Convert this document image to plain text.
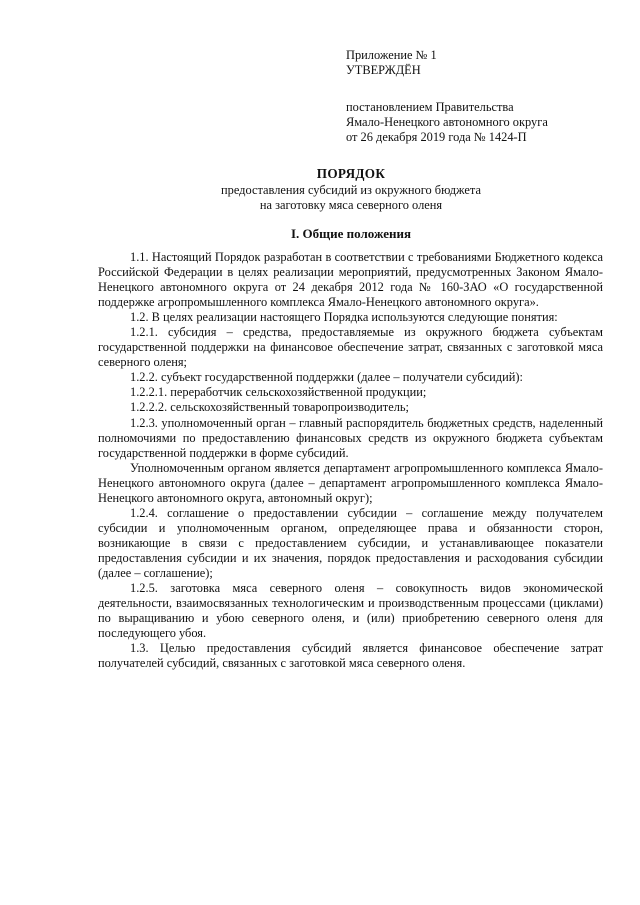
Приложение № 1
УТВЕРЖДЁН
постановлением Правительства
Ямало-Ненецкого автономного округа
от 26 декабря 2019 года № 1424-П
ПОРЯДОК
предоставления субсидий из окружного бюджета
на заготовку мяса северного оленя
I. Общие положения

1.1. Настоящий Порядок разработан в соответствии с требованиями Бюджетного кодекса Российской Федерации в целях реализации мероприятий, предусмотренных Законом Ямало-Ненецкого автономного округа от 24 декабря 2012 года № 160-ЗАО «О государственной поддержке агропромышленного комплекса Ямало-Ненецкого автономного округа».

1.2. В целях реализации настоящего Порядка используются следующие понятия:

1.2.1. субсидия – средства, предоставляемые из окружного бюджета субъектам государственной поддержки на финансовое обеспечение затрат, связанных с заготовкой мяса северного оленя;

1.2.2. субъект государственной поддержки (далее – получатели субсидий):

1.2.2.1. переработчик сельскохозяйственной продукции;

1.2.2.2. сельскохозяйственный товаропроизводитель;

1.2.3. уполномоченный орган – главный распорядитель бюджетных средств, наделенный полномочиями по предоставлению финансовых средств из окружного бюджета субъектам государственной поддержки в форме субсидий.

Уполномоченным органом является департамент агропромышленного комплекса Ямало-Ненецкого автономного округа (далее – департамент агропромышленного комплекса Ямало-Ненецкого автономного округа, автономный округ);

1.2.4. соглашение о предоставлении субсидии – соглашение между получателем субсидии и уполномоченным органом, определяющее права и обязанности сторон, возникающие в связи с предоставлением субсидии, и устанавливающее показатели предоставления субсидии и их значения, порядок предоставления и расходования субсидии (далее – соглашение);

1.2.5. заготовка мяса северного оленя – совокупность видов экономической деятельности, взаимосвязанных технологическим и производственным процессами (циклами) по выращиванию и убою северного оленя, и (или) приобретению северного оленя для последующего убоя.

1.3. Целью предоставления субсидий является финансовое обеспечение затрат получателей субсидий, связанных с заготовкой мяса северного оленя.
